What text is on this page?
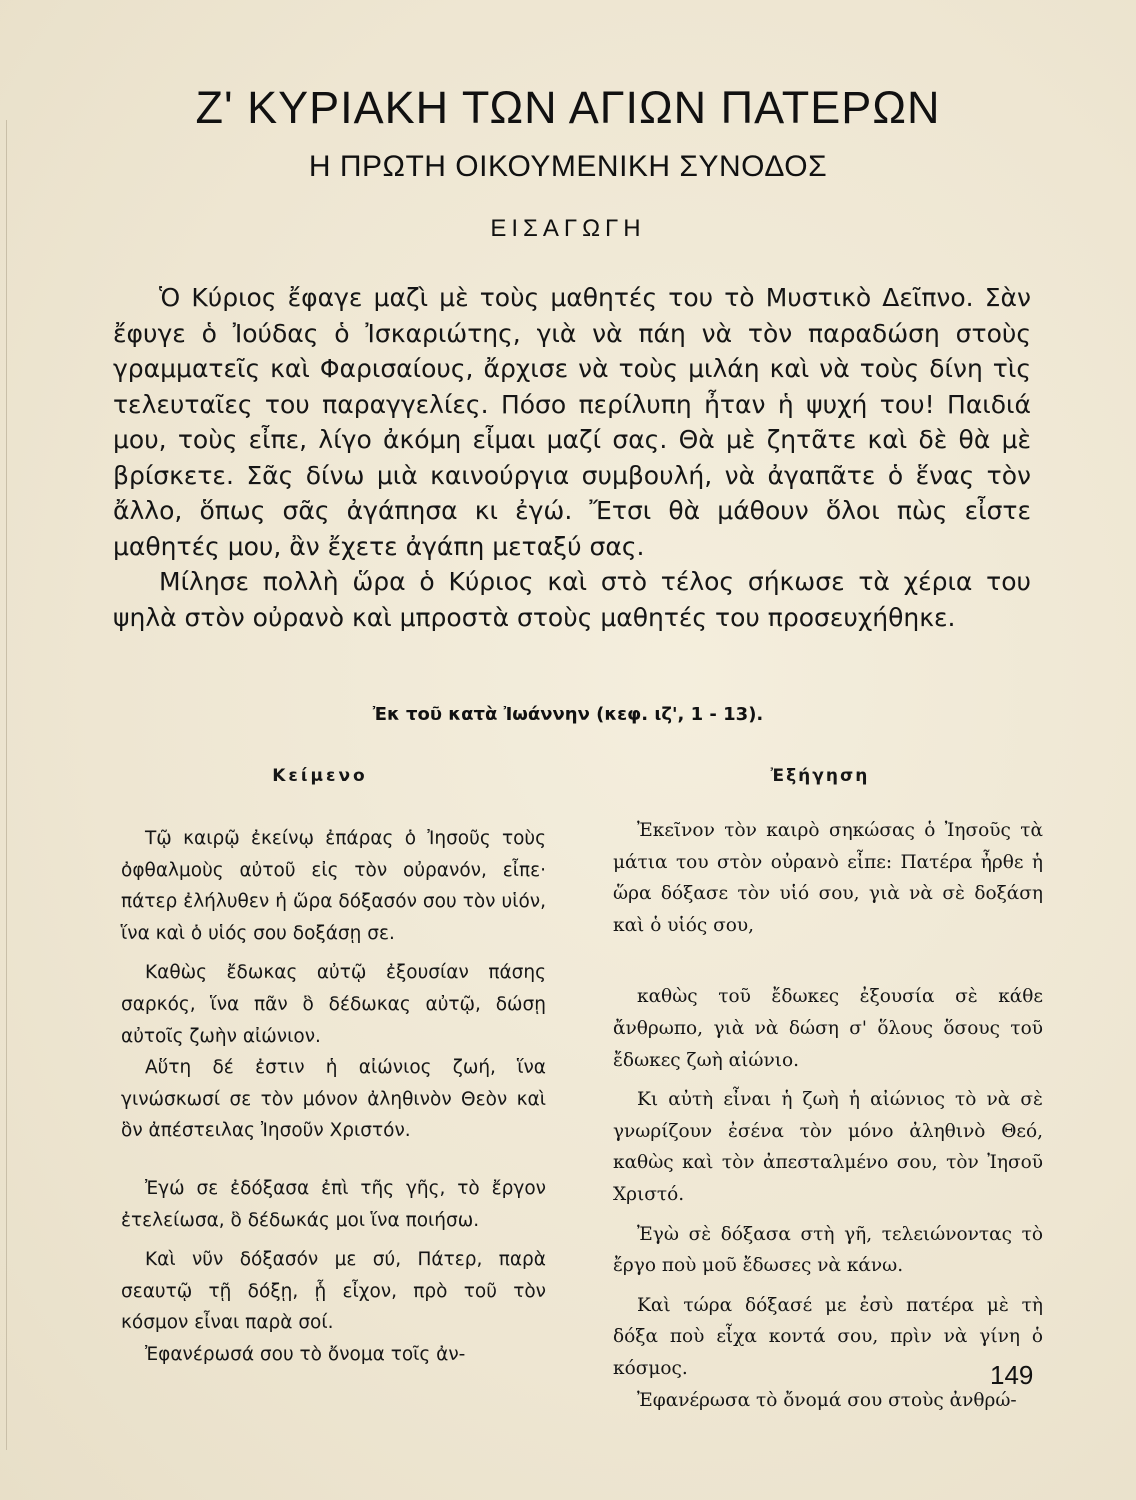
Ζ' ΚΥΡΙΑΚΗ ΤΩΝ ΑΓΙΩΝ ΠΑΤΕΡΩΝ
Η ΠΡΩΤΗ ΟΙΚΟΥΜΕΝΙΚΗ ΣΥΝΟΔΟΣ
ΕΙΣΑΓΩΓΗ

Ὁ Κύριος ἔφαγε μαζὶ μὲ τοὺς μαθητές του τὸ Μυστικὸ Δεῖπνο. Σὰν ἔφυγε ὁ Ἰούδας ὁ Ἰσκαριώτης, γιὰ νὰ πάη νὰ τὸν παραδώση στοὺς γραμματεῖς καὶ Φαρισαίους, ἄρχισε νὰ τοὺς μιλάη καὶ νὰ τοὺς δίνη τὶς τελευταῖες του παραγγελίες. Πόσο περίλυπη ἦταν ἡ ψυχή του! Παιδιά μου, τοὺς εἶπε, λίγο ἀκόμη εἶμαι μαζί σας. Θὰ μὲ ζητᾶτε καὶ δὲ θὰ μὲ βρίσκετε. Σᾶς δίνω μιὰ καινούργια συμβουλή, νὰ ἀγαπᾶτε ὁ ἕνας τὸν ἄλλο, ὅπως σᾶς ἀγάπησα κι ἐγώ. Ἔτσι θὰ μάθουν ὅλοι πὼς εἶστε μαθητές μου, ἂν ἔχετε ἀγάπη μεταξύ σας.

Μίλησε πολλὴ ὥρα ὁ Κύριος καὶ στὸ τέλος σήκωσε τὰ χέρια του ψηλὰ στὸν οὐρανὸ καὶ μπροστὰ στοὺς μαθητές του προσευχήθηκε.

Ἐκ τοῦ κατὰ Ἰωάννην (κεφ. ιζ', 1 - 13).
Κείμενο	Ἐξήγηση

Τῷ καιρῷ ἐκείνῳ ἐπάρας ὁ Ἰησοῦς τοὺς ὀφθαλμοὺς αὐτοῦ εἰς τὸν οὐρανόν, εἶπε· πάτερ ἐλήλυθεν ἡ ὥρα δόξασόν σου τὸν υἱόν, ἵνα καὶ ὁ υἱός σου δοξάσῃ σε.

Καθὼς ἔδωκας αὐτῷ ἐξουσίαν πάσης σαρκός, ἵνα πᾶν ὃ δέδωκας αὐτῷ, δώσῃ αὐτοῖς ζωὴν αἰώνιον.

Αὕτη δέ ἐστιν ἡ αἰώνιος ζωή, ἵνα γινώσκωσί σε τὸν μόνον ἀληθινὸν Θεὸν καὶ ὃν ἀπέστειλας Ἰησοῦν Χριστόν.

Ἐγώ σε ἐδόξασα ἐπὶ τῆς γῆς, τὸ ἔργον ἐτελείωσα, ὃ δέδωκάς μοι ἵνα ποιήσω.

Καὶ νῦν δόξασόν με σύ, Πάτερ, παρὰ σεαυτῷ τῇ δόξῃ, ᾗ εἶχον, πρὸ τοῦ τὸν κόσμον εἶναι παρὰ σοί.

Ἐφανέρωσά σου τὸ ὄνομα τοῖς ἀν-

Ἐκεῖνον τὸν καιρὸ σηκώσας ὁ Ἰησοῦς τὰ μάτια του στὸν οὐρανὸ εἶπε: Πατέρα ἦρθε ἡ ὥρα δόξασε τὸν υἱό σου, γιὰ νὰ σὲ δοξάση καὶ ὁ υἱός σου,

καθὼς τοῦ ἔδωκες ἐξουσία σὲ κάθε ἄνθρωπο, γιὰ νὰ δώση σ' ὅλους ὅσους τοῦ ἔδωκες ζωὴ αἰώνιο.

Κι αὐτὴ εἶναι ἡ ζωὴ ἡ αἰώνιος τὸ νὰ σὲ γνωρίζουν ἐσένα τὸν μόνο ἀληθινὸ Θεό, καθὼς καὶ τὸν ἀπεσταλμένο σου, τὸν Ἰησοῦ Χριστό.

Ἐγὼ σὲ δόξασα στὴ γῆ, τελειώνοντας τὸ ἔργο ποὺ μοῦ ἔδωσες νὰ κάνω.

Καὶ τώρα δόξασέ με ἐσὺ πατέρα μὲ τὴ δόξα ποὺ εἶχα κοντά σου, πρὶν νὰ γίνη ὁ κόσμος.

Ἐφανέρωσα τὸ ὄνομά σου στοὺς ἀνθρώ-

149
